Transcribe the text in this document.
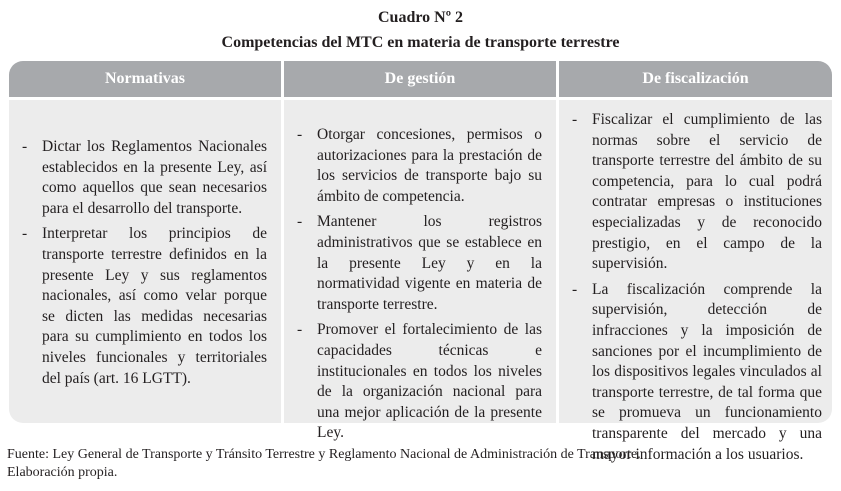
Cuadro Nº 2
Competencias del MTC en materia de transporte terrestre
Normativas	De gestión	De fiscalización
- Dictar los Reglamentos Nacionales establecidos en la presente Ley, así como aquellos que sean necesarios para el desarrollo del transporte.
- Interpretar los principios de transporte terrestre definidos en la presente Ley y sus reglamentos nacionales, así como velar porque se dicten las medidas necesarias para su cumplimiento en todos los niveles funcionales y territoriales del país (art. 16 LGTT).
- Otorgar concesiones, permisos o autorizaciones para la prestación de los servicios de transporte bajo su ámbito de competencia.
- Mantener los registros administrativos que se establece en la presente Ley y en la normatividad vigente en materia de transporte terrestre.
- Promover el fortalecimiento de las capacidades técnicas e institucionales en todos los niveles de la organización nacional para una mejor aplicación de la presente Ley.
- Fiscalizar el cumplimiento de las normas sobre el servicio de transporte terrestre del ámbito de su competencia, para lo cual podrá contratar empresas o instituciones especializadas y de reconocido prestigio, en el campo de la supervisión.
- La fiscalización comprende la supervisión, detección de infracciones y la imposición de sanciones por el incumplimiento de los dispositivos legales vinculados al transporte terrestre, de tal forma que se promueva un funcionamiento transparente del mercado y una mayor información a los usuarios.
Fuente: Ley General de Transporte y Tránsito Terrestre y Reglamento Nacional de Administración de Transporte.
Elaboración propia.
